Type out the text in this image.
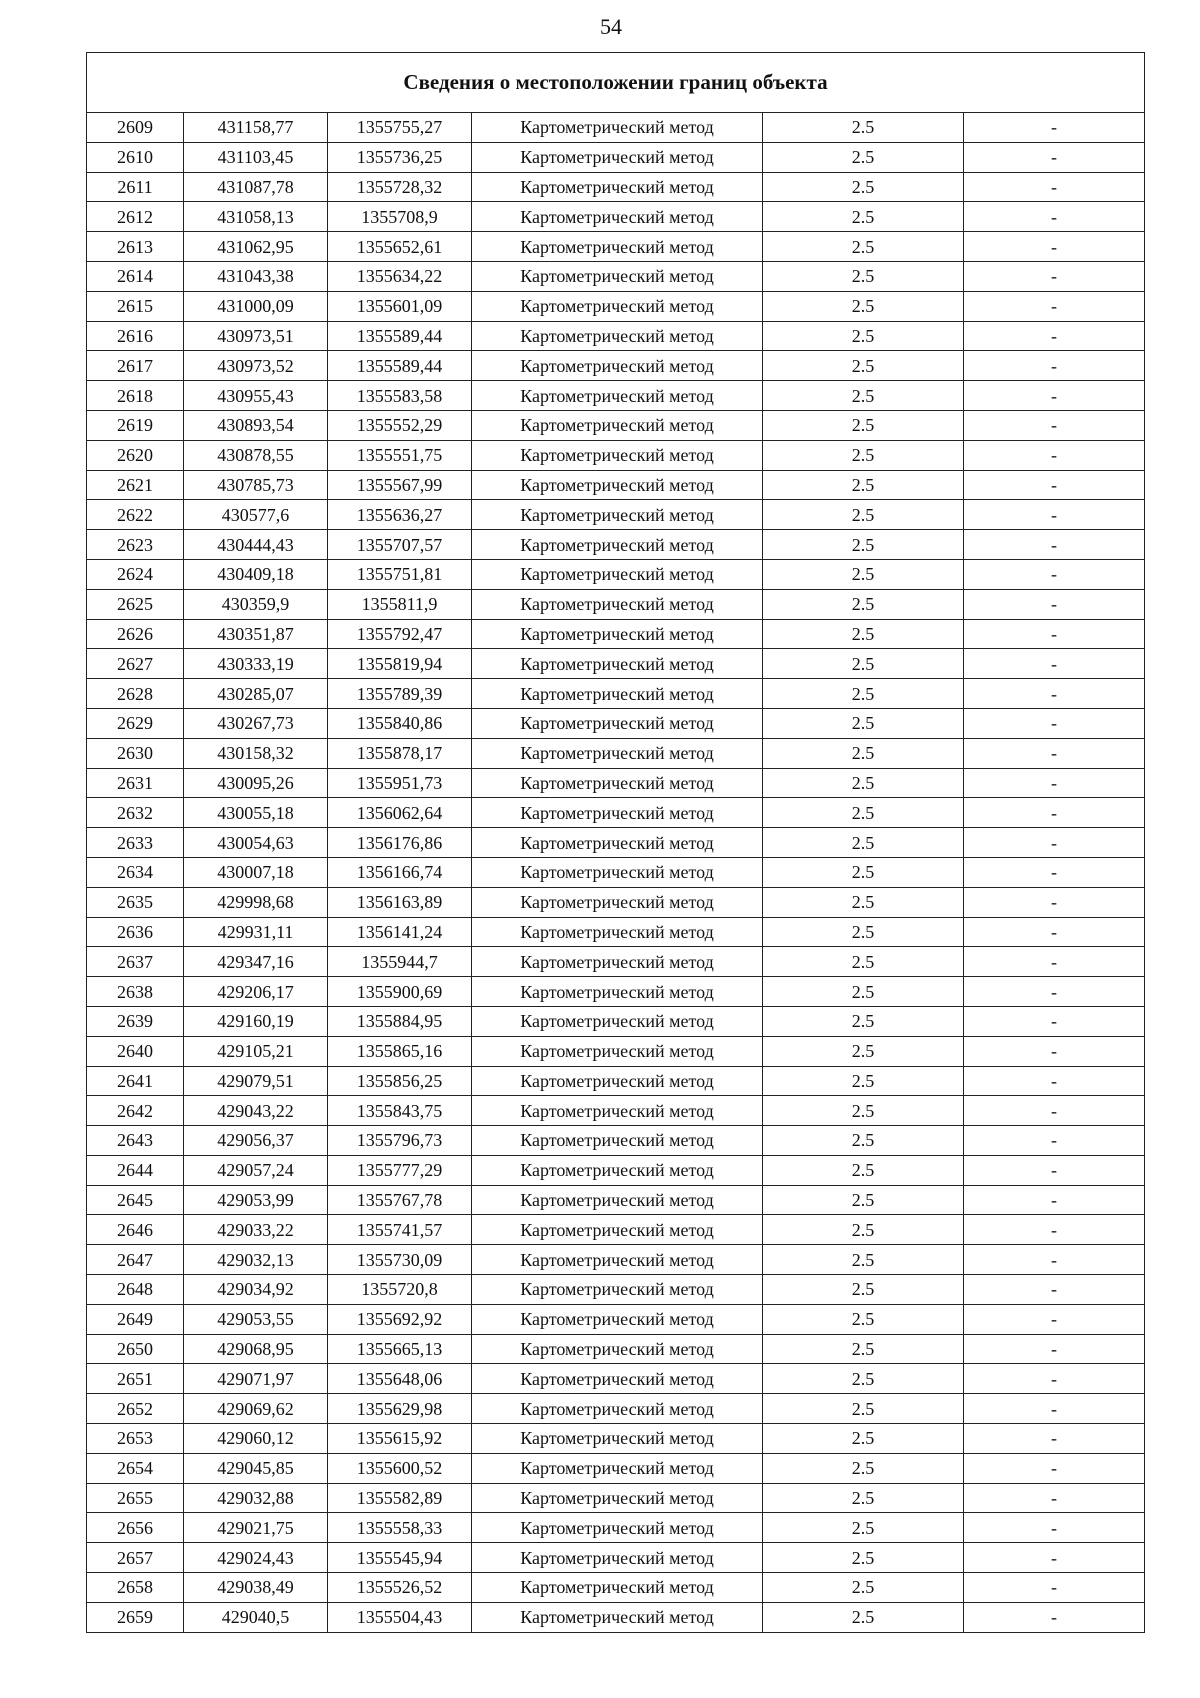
54
Сведения о местоположении границ объекта					
2609	431158,77	1355755,27	Картометрический метод	2.5	-
2610	431103,45	1355736,25	Картометрический метод	2.5	-
2611	431087,78	1355728,32	Картометрический метод	2.5	-
2612	431058,13	1355708,9	Картометрический метод	2.5	-
2613	431062,95	1355652,61	Картометрический метод	2.5	-
2614	431043,38	1355634,22	Картометрический метод	2.5	-
2615	431000,09	1355601,09	Картометрический метод	2.5	-
2616	430973,51	1355589,44	Картометрический метод	2.5	-
2617	430973,52	1355589,44	Картометрический метод	2.5	-
2618	430955,43	1355583,58	Картометрический метод	2.5	-
2619	430893,54	1355552,29	Картометрический метод	2.5	-
2620	430878,55	1355551,75	Картометрический метод	2.5	-
2621	430785,73	1355567,99	Картометрический метод	2.5	-
2622	430577,6	1355636,27	Картометрический метод	2.5	-
2623	430444,43	1355707,57	Картометрический метод	2.5	-
2624	430409,18	1355751,81	Картометрический метод	2.5	-
2625	430359,9	1355811,9	Картометрический метод	2.5	-
2626	430351,87	1355792,47	Картометрический метод	2.5	-
2627	430333,19	1355819,94	Картометрический метод	2.5	-
2628	430285,07	1355789,39	Картометрический метод	2.5	-
2629	430267,73	1355840,86	Картометрический метод	2.5	-
2630	430158,32	1355878,17	Картометрический метод	2.5	-
2631	430095,26	1355951,73	Картометрический метод	2.5	-
2632	430055,18	1356062,64	Картометрический метод	2.5	-
2633	430054,63	1356176,86	Картометрический метод	2.5	-
2634	430007,18	1356166,74	Картометрический метод	2.5	-
2635	429998,68	1356163,89	Картометрический метод	2.5	-
2636	429931,11	1356141,24	Картометрический метод	2.5	-
2637	429347,16	1355944,7	Картометрический метод	2.5	-
2638	429206,17	1355900,69	Картометрический метод	2.5	-
2639	429160,19	1355884,95	Картометрический метод	2.5	-
2640	429105,21	1355865,16	Картометрический метод	2.5	-
2641	429079,51	1355856,25	Картометрический метод	2.5	-
2642	429043,22	1355843,75	Картометрический метод	2.5	-
2643	429056,37	1355796,73	Картометрический метод	2.5	-
2644	429057,24	1355777,29	Картометрический метод	2.5	-
2645	429053,99	1355767,78	Картометрический метод	2.5	-
2646	429033,22	1355741,57	Картометрический метод	2.5	-
2647	429032,13	1355730,09	Картометрический метод	2.5	-
2648	429034,92	1355720,8	Картометрический метод	2.5	-
2649	429053,55	1355692,92	Картометрический метод	2.5	-
2650	429068,95	1355665,13	Картометрический метод	2.5	-
2651	429071,97	1355648,06	Картометрический метод	2.5	-
2652	429069,62	1355629,98	Картометрический метод	2.5	-
2653	429060,12	1355615,92	Картометрический метод	2.5	-
2654	429045,85	1355600,52	Картометрический метод	2.5	-
2655	429032,88	1355582,89	Картометрический метод	2.5	-
2656	429021,75	1355558,33	Картометрический метод	2.5	-
2657	429024,43	1355545,94	Картометрический метод	2.5	-
2658	429038,49	1355526,52	Картометрический метод	2.5	-
2659	429040,5	1355504,43	Картометрический метод	2.5	-
